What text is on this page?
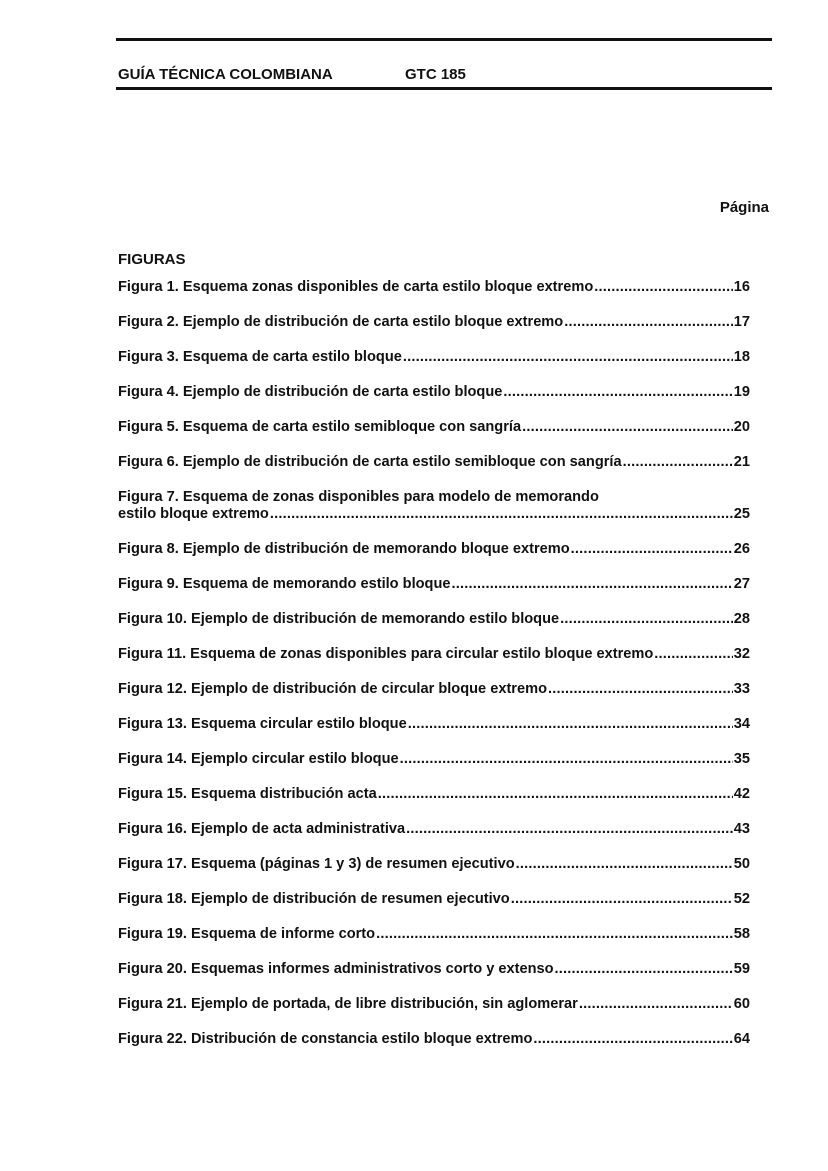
GUÍA TÉCNICA COLOMBIANA	GTC 185
Página
FIGURAS
Figura 1. Esquema zonas disponibles de carta estilo bloque extremo .....	16
Figura 2. Ejemplo de distribución de carta estilo bloque extremo .....	17
Figura 3. Esquema de carta estilo bloque .....	18
Figura 4. Ejemplo de distribución de carta estilo bloque .....	19
Figura 5. Esquema de carta estilo semibloque con sangría .....	20
Figura 6. Ejemplo de distribución de carta estilo semibloque con sangría .....	21
Figura 7. Esquema de zonas disponibles para modelo de memorando
estilo bloque extremo .....	25
Figura 8. Ejemplo de distribución de memorando bloque extremo .....	26
Figura 9. Esquema de memorando estilo bloque .....	27
Figura 10. Ejemplo de distribución de memorando estilo bloque .....	28
Figura 11. Esquema de zonas disponibles para circular estilo bloque extremo .....	32
Figura 12. Ejemplo de distribución de circular bloque extremo .....	33
Figura 13. Esquema circular estilo bloque .....	34
Figura 14. Ejemplo circular estilo bloque .....	35
Figura 15. Esquema distribución acta .....	42
Figura 16. Ejemplo de acta administrativa .....	43
Figura 17. Esquema (páginas 1 y 3) de resumen ejecutivo .....	50
Figura 18. Ejemplo de distribución de resumen ejecutivo .....	52
Figura 19. Esquema de informe corto .....	58
Figura 20. Esquemas informes administrativos corto y extenso .....	59
Figura 21. Ejemplo de portada, de libre distribución, sin aglomerar .....	60
Figura 22. Distribución de constancia estilo bloque extremo .....	64
